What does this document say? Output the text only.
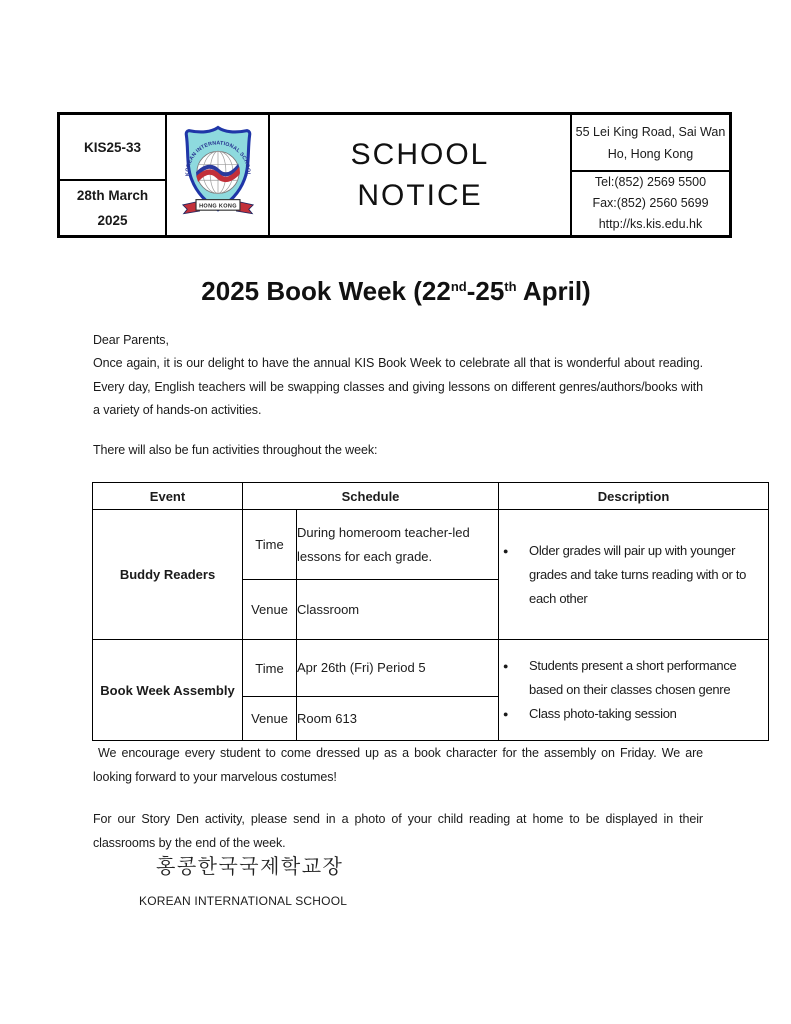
KIS25-33
28th March
2025
KOREAN INTERNATIONAL SCHOOL
HONG KONG
SCHOOL
NOTICE
55 Lei King Road, Sai Wan
Ho, Hong Kong
Tel:(852) 2569 5500
Fax:(852) 2560 5699
http://ks.kis.edu.hk
2025 Book Week (22nd-25th April)
Dear Parents,
Once again, it is our delight to have the annual KIS Book Week to celebrate all that is wonderful about reading. Every day, English teachers will be swapping classes and giving lessons on different genres/authors/books with a variety of hands-on activities.
There will also be fun activities throughout the week:
Event	Schedule		Description
Buddy Readers	Time	During homeroom teacher-led lessons for each grade.	● Older grades will pair up with younger grades and take turns reading with or to each other

	Venue	Classroom	
Book Week Assembly	Time	Apr 26th (Fri) Period 5	● Students present a short performance based on their classes chosen genre
● Class photo-taking session

	Venue	Room 613	
We encourage every student to come dressed up as a book character for the assembly on Friday. We are looking forward to your marvelous costumes!
For our Story Den activity, please send in a photo of your child reading at home to be displayed in their classrooms by the end of the week.
홍콩한국국제학교장
KOREAN INTERNATIONAL SCHOOL
